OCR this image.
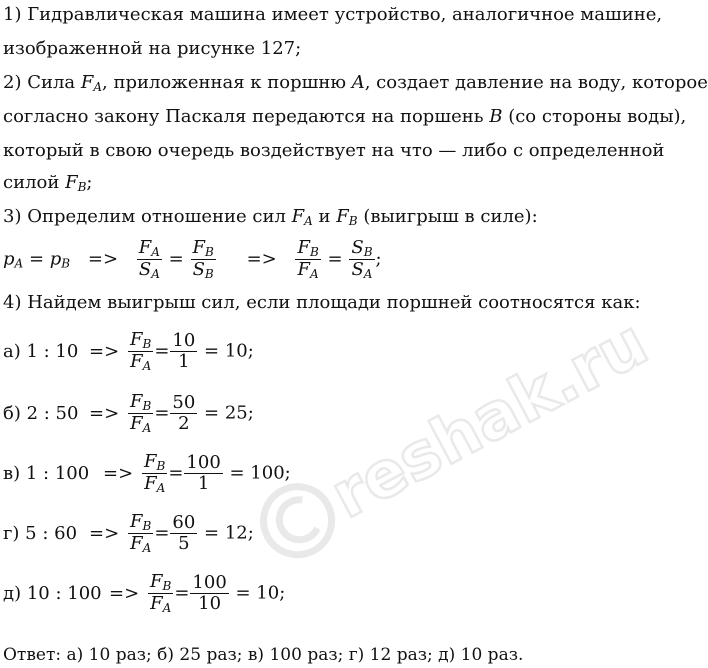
1) Гидравлическая машина имеет устройство, аналогичное машине,
изображенной на рисунке 127;
2) Сила $F_A$, приложенная к поршню A, создает давление на воду, которое
согласно закону Паскаля передаются на поршень B (со стороны воды),
который в свою очередь воздействует на что — либо с определенной
силой $F_B$;
3) Определим отношение сил $F_A$ и $F_B$ (выигрыш в силе):
$p_A = p_B => \frac{F_A}{S_A} = \frac{F_B}{S_B} => \frac{F_B}{F_A} = \frac{S_B}{S_A}$ ;
4) Найдем выигрыш сил, если площади поршней соотносятся как:
а) 1 : $10 => \frac{F_B}{F_A} = \frac{10}{1} = 10$;
б) 2 : $50 => \frac{F_B}{F_A} = \frac{50}{2} = 25$;
в) 1 : $100 => \frac{F_B}{F_A} = \frac{100}{1} = 100$;
г) 5 : $60 => \frac{F_B}{F_A} = \frac{60}{5} = 12$;
д) 10 : $100 => \frac{F_B}{F_A} = \frac{100}{10} = 10$;
Ответ: а) 10 раз; б) 25 раз; в) 100 раз; г) 12 раз; д) 10 раз.
reshak.ru
